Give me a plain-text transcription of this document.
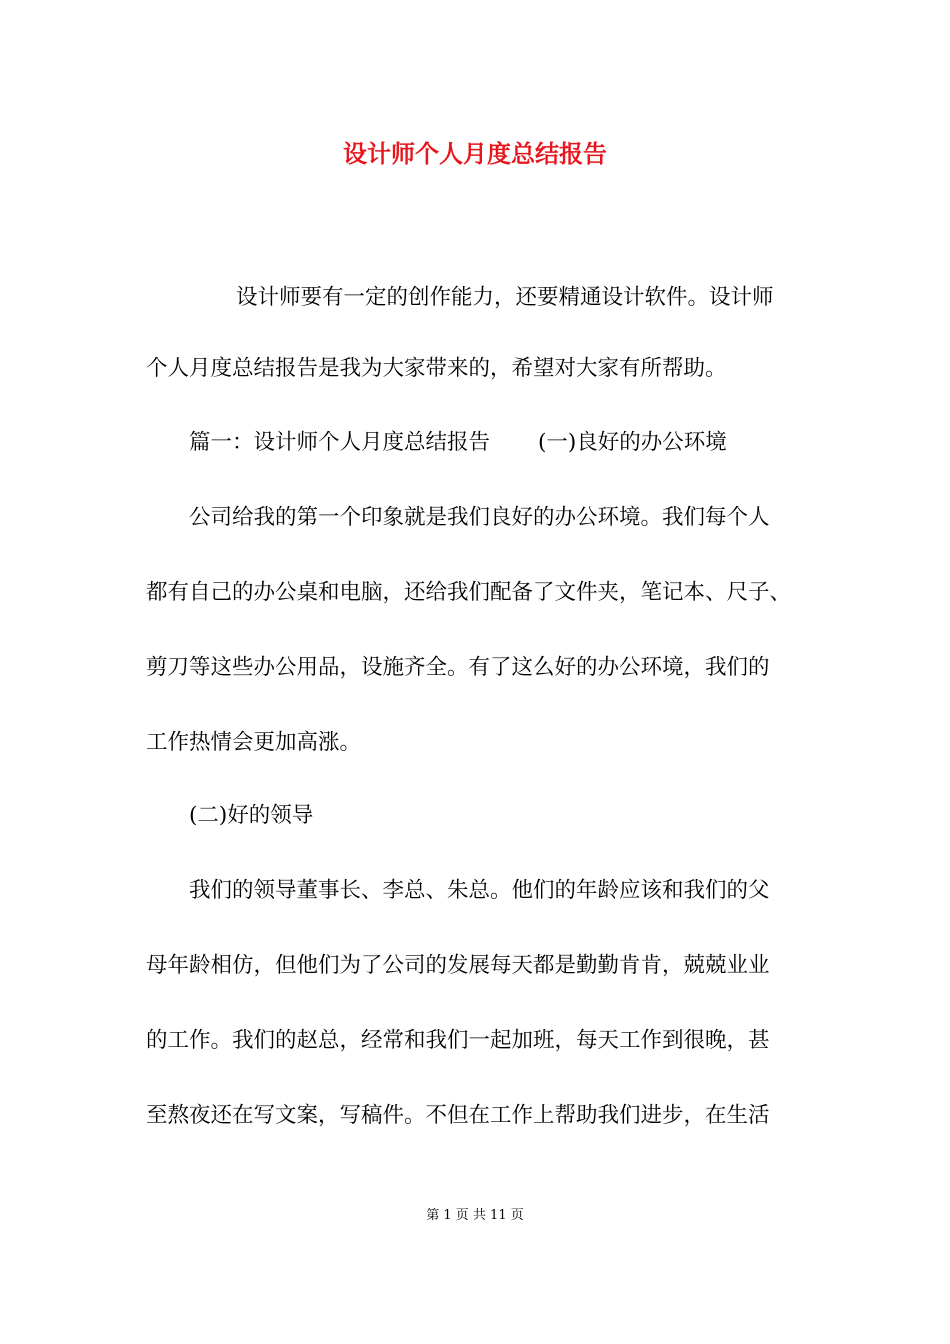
设计师个人月度总结报告
设计师要有一定的创作能力，还要精通设计软件。设计师
个人月度总结报告是我为大家带来的，希望对大家有所帮助。
篇一：设计师个人月度总结报告 (一)良好的办公环境
公司给我的第一个印象就是我们良好的办公环境。我们每个人
都有自己的办公桌和电脑，还给我们配备了文件夹，笔记本、尺子、
剪刀等这些办公用品，设施齐全。有了这么好的办公环境，我们的
工作热情会更加高涨。
(二)好的领导
我们的领导董事长、李总、朱总。他们的年龄应该和我们的父
母年龄相仿，但他们为了公司的发展每天都是勤勤肯肯，兢兢业业
的工作。我们的赵总，经常和我们一起加班，每天工作到很晚，甚
至熬夜还在写文案，写稿件。不但在工作上帮助我们进步，在生活
第 1 页 共 11 页
